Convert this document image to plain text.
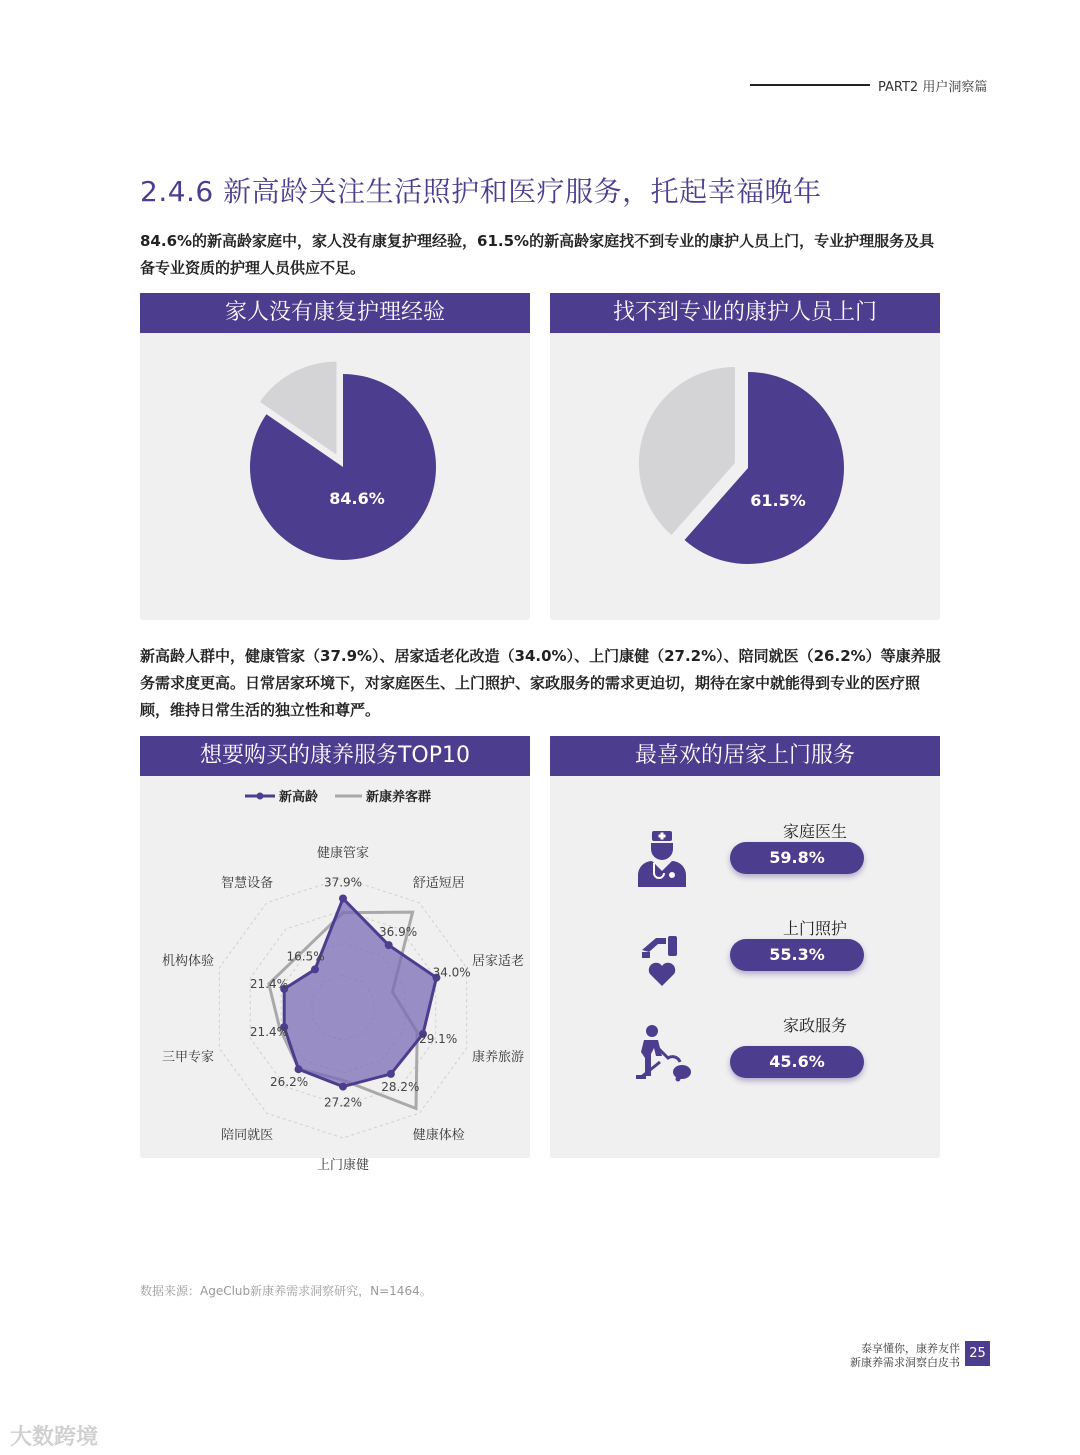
PART2 用户洞察篇
2.4.6 新高龄关注生活照护和医疗服务，托起幸福晚年
84.6%的新高龄家庭中，家人没有康复护理经验，61.5%的新高龄家庭找不到专业的康护人员上门，专业护理服务及具备专业资质的护理人员供应不足。
家人没有康复护理经验
84.6%
找不到专业的康护人员上门
61.5%
新高龄人群中，健康管家（37.9%）、居家适老化改造（34.0%）、上门康健（27.2%）、陪同就医（26.2%）等康养服务需求度更高。日常居家环境下，对家庭医生、上门照护、家政服务的需求更迫切，期待在家中就能得到专业的医疗照顾，维持日常生活的独立性和尊严。
想要购买的康养服务TOP10
健康管家
舒适短居
居家适老
康养旅游
健康体检
上门康健
陪同就医
三甲专家
机构体验
智慧设备	37.9%
36.9%
34.0%
29.1%
28.2%
27.2%
26.2%
21.4%
21.4%
16.5%
新高龄	新康养客群
最喜欢的居家上门服务
家庭医生
59.8%
上门照护
55.3%
家政服务
45.6%
数据来源：AgeClub新康养需求洞察研究，N=1464。
泰享懂你，康养友伴
新康养需求洞察白皮书
25
大数跨境
